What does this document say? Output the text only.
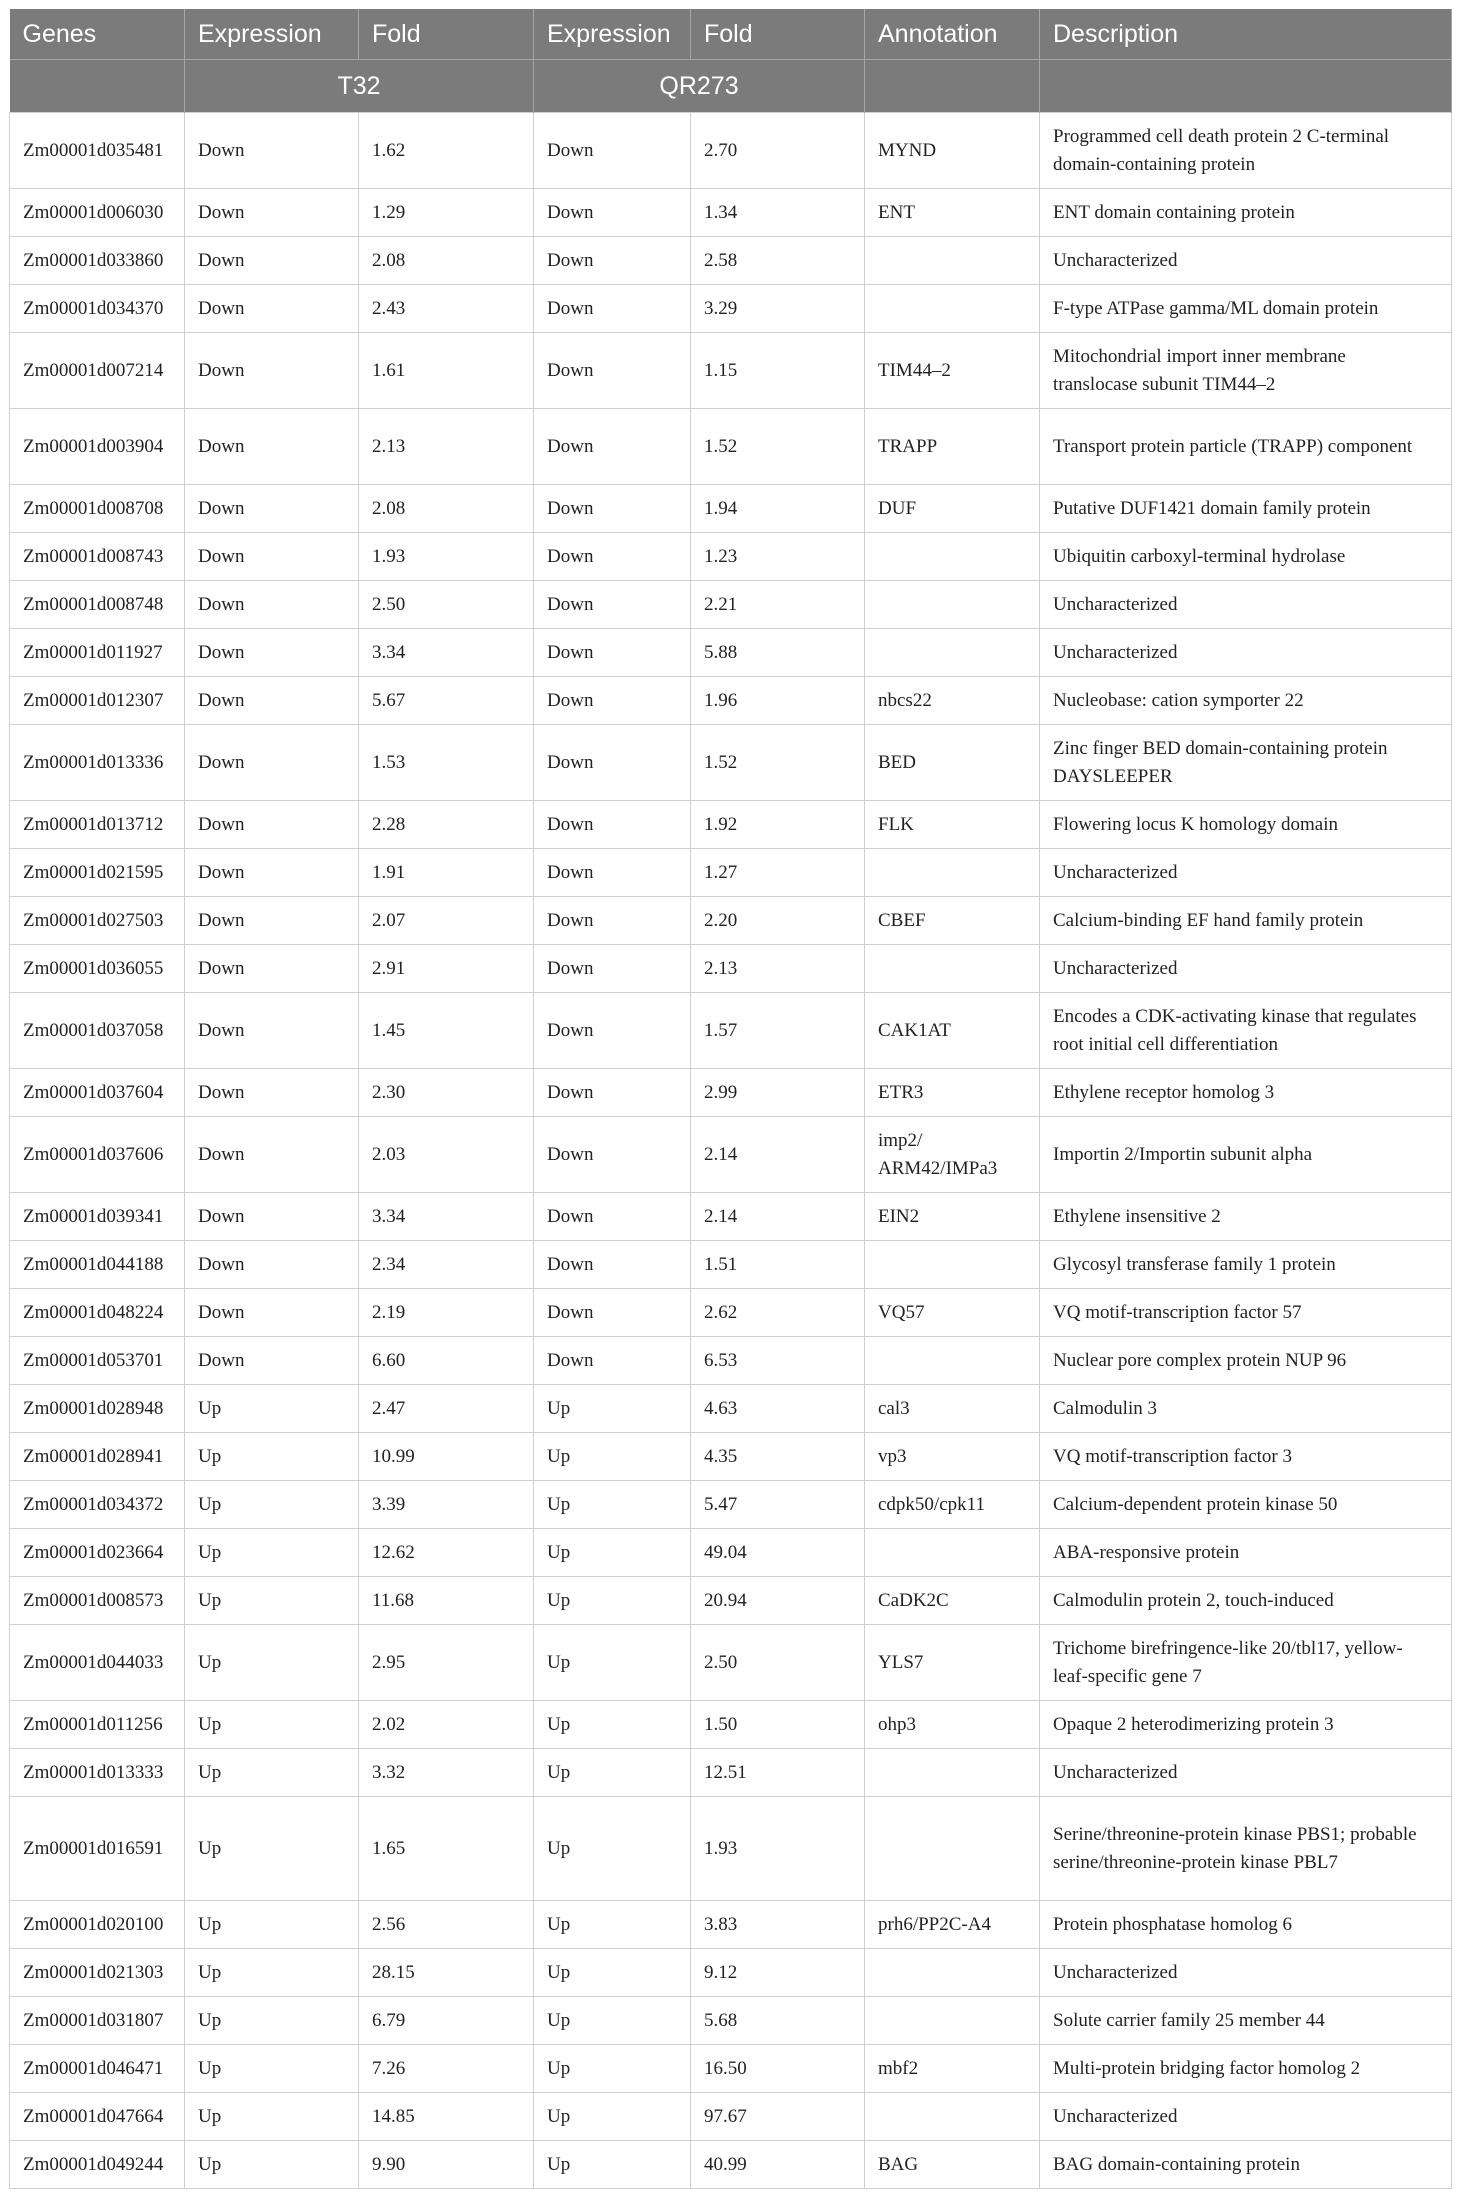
Genes	Expression	Fold	Expression	Fold	Annotation	Description
	T32		QR273			
Zm00001d035481	Down	1.62	Down	2.70	MYND	Programmed cell death protein 2 C-terminal domain-containing protein
Zm00001d006030	Down	1.29	Down	1.34	ENT	ENT domain containing protein
Zm00001d033860	Down	2.08	Down	2.58		Uncharacterized
Zm00001d034370	Down	2.43	Down	3.29		F-type ATPase gamma/ML domain protein
Zm00001d007214	Down	1.61	Down	1.15	TIM44–2	Mitochondrial import inner membrane translocase subunit TIM44–2
Zm00001d003904	Down	2.13	Down	1.52	TRAPP	Transport protein particle (TRAPP) component
Zm00001d008708	Down	2.08	Down	1.94	DUF	Putative DUF1421 domain family protein
Zm00001d008743	Down	1.93	Down	1.23		Ubiquitin carboxyl-terminal hydrolase
Zm00001d008748	Down	2.50	Down	2.21		Uncharacterized
Zm00001d011927	Down	3.34	Down	5.88		Uncharacterized
Zm00001d012307	Down	5.67	Down	1.96	nbcs22	Nucleobase: cation symporter 22
Zm00001d013336	Down	1.53	Down	1.52	BED	Zinc finger BED domain-containing protein DAYSLEEPER
Zm00001d013712	Down	2.28	Down	1.92	FLK	Flowering locus K homology domain
Zm00001d021595	Down	1.91	Down	1.27		Uncharacterized
Zm00001d027503	Down	2.07	Down	2.20	CBEF	Calcium-binding EF hand family protein
Zm00001d036055	Down	2.91	Down	2.13		Uncharacterized
Zm00001d037058	Down	1.45	Down	1.57	CAK1AT	Encodes a CDK-activating kinase that regulates root initial cell differentiation
Zm00001d037604	Down	2.30	Down	2.99	ETR3	Ethylene receptor homolog 3
Zm00001d037606	Down	2.03	Down	2.14	imp2/ ARM42/IMPa3	Importin 2/Importin subunit alpha
Zm00001d039341	Down	3.34	Down	2.14	EIN2	Ethylene insensitive 2
Zm00001d044188	Down	2.34	Down	1.51		Glycosyl transferase family 1 protein
Zm00001d048224	Down	2.19	Down	2.62	VQ57	VQ motif-transcription factor 57
Zm00001d053701	Down	6.60	Down	6.53		Nuclear pore complex protein NUP 96
Zm00001d028948	Up	2.47	Up	4.63	cal3	Calmodulin 3
Zm00001d028941	Up	10.99	Up	4.35	vp3	VQ motif-transcription factor 3
Zm00001d034372	Up	3.39	Up	5.47	cdpk50/cpk11	Calcium-dependent protein kinase 50
Zm00001d023664	Up	12.62	Up	49.04		ABA-responsive protein
Zm00001d008573	Up	11.68	Up	20.94	CaDK2C	Calmodulin protein 2, touch-induced
Zm00001d044033	Up	2.95	Up	2.50	YLS7	Trichome birefringence-like 20/tbl17, yellow-leaf-specific gene 7
Zm00001d011256	Up	2.02	Up	1.50	ohp3	Opaque 2 heterodimerizing protein 3
Zm00001d013333	Up	3.32	Up	12.51		Uncharacterized
Zm00001d016591	Up	1.65	Up	1.93		Serine/threonine-protein kinase PBS1; probable serine/threonine-protein kinase PBL7
Zm00001d020100	Up	2.56	Up	3.83	prh6/PP2C-A4	Protein phosphatase homolog 6
Zm00001d021303	Up	28.15	Up	9.12		Uncharacterized
Zm00001d031807	Up	6.79	Up	5.68		Solute carrier family 25 member 44
Zm00001d046471	Up	7.26	Up	16.50	mbf2	Multi-protein bridging factor homolog 2
Zm00001d047664	Up	14.85	Up	97.67		Uncharacterized
Zm00001d049244	Up	9.90	Up	40.99	BAG	BAG domain-containing protein
